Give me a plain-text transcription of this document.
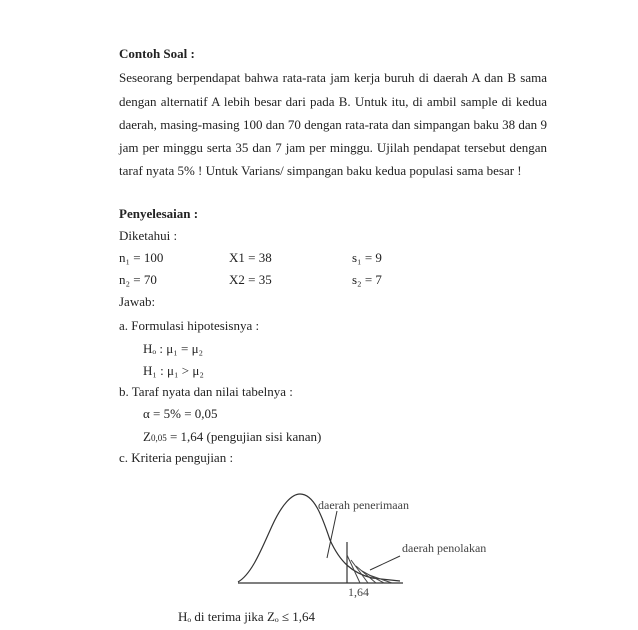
Contoh Soal :
Seseorang berpendapat bahwa rata-rata jam kerja buruh di daerah A dan B sama
dengan alternatif A lebih besar dari pada B. Untuk itu, di ambil sample di kedua
daerah, masing-masing 100 dan 70 dengan rata-rata dan simpangan baku 38 dan 9
jam per minggu serta 35 dan 7 jam per minggu. Ujilah pendapat tersebut dengan
taraf nyata 5% ! Untuk Varians/ simpangan baku kedua populasi sama besar !
Penyelesaian :
Diketahui :
n₁ = 100	X1 = 38	s₁ = 9
n₂ = 70	X2 = 35	s₂ = 7
Jawab:
a. Formulasi hipotesisnya :
Hₒ : μ₁ = μ₂
H₁ : μ₁ > μ₂
b. Taraf nyata dan nilai tabelnya :
α = 5% = 0,05
Z0,05 = 1,64 (pengujian sisi kanan)
c. Kriteria pengujian :
daerah penerimaan
daerah penolakan
1,64
Hₒ di terima jika Zₒ ≤ 1,64
